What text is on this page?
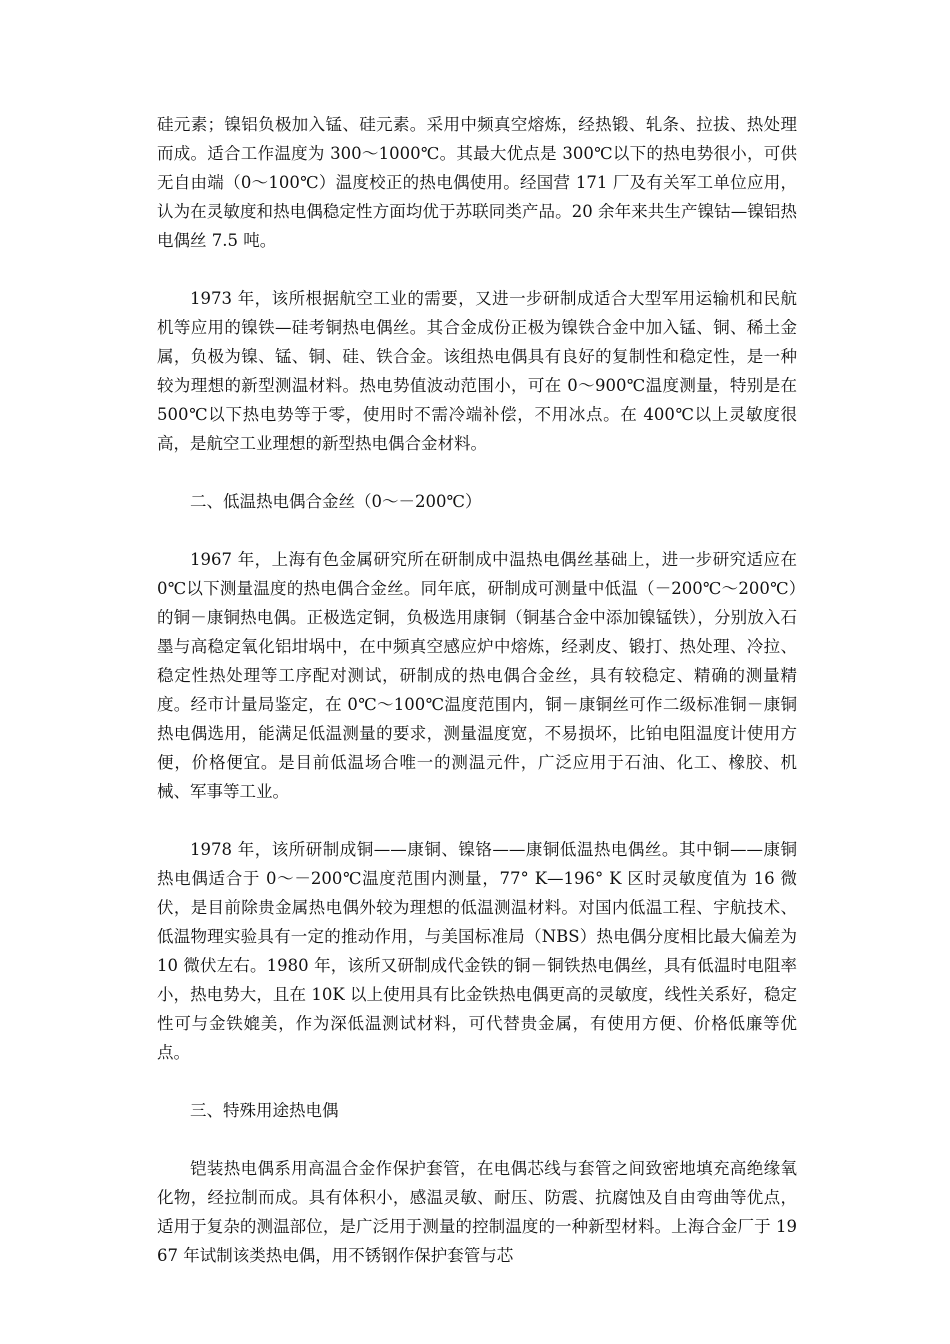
硅元素；镍铝负极加入锰、硅元素。采用中频真空熔炼，经热锻、轧条、拉拔、热处理而成。适合工作温度为 300～1000℃。其最大优点是 300℃以下的热电势很小，可供无自由端（0～100℃）温度校正的热电偶使用。经国营 171 厂及有关军工单位应用，认为在灵敏度和热电偶稳定性方面均优于苏联同类产品。20 余年来共生产镍钴—镍铝热电偶丝 7.5 吨。

1973 年，该所根据航空工业的需要，又进一步研制成适合大型军用运输机和民航机等应用的镍铁—硅考铜热电偶丝。其合金成份正极为镍铁合金中加入锰、铜、稀土金属，负极为镍、锰、铜、硅、铁合金。该组热电偶具有良好的复制性和稳定性，是一种较为理想的新型测温材料。热电势值波动范围小，可在 0～900℃温度测量，特别是在 500℃以下热电势等于零，使用时不需冷端补偿，不用冰点。在 400℃以上灵敏度很高，是航空工业理想的新型热电偶合金材料。

二、低温热电偶合金丝（0～－200℃）

1967 年，上海有色金属研究所在研制成中温热电偶丝基础上，进一步研究适应在 0℃以下测量温度的热电偶合金丝。同年底，研制成可测量中低温（－200℃～200℃）的铜－康铜热电偶。正极选定铜，负极选用康铜（铜基合金中添加镍锰铁），分别放入石墨与高稳定氧化铝坩埚中，在中频真空感应炉中熔炼，经剥皮、锻打、热处理、冷拉、稳定性热处理等工序配对测试，研制成的热电偶合金丝，具有较稳定、精确的测量精度。经市计量局鉴定，在 0℃～100℃温度范围内，铜－康铜丝可作二级标准铜－康铜热电偶选用，能满足低温测量的要求，测量温度宽，不易损坏，比铂电阻温度计使用方便，价格便宜。是目前低温场合唯一的测温元件，广泛应用于石油、化工、橡胶、机械、军事等工业。

1978 年，该所研制成铜——康铜、镍铬——康铜低温热电偶丝。其中铜——康铜热电偶适合于 0～－200℃温度范围内测量，77° K—196° K 区时灵敏度值为 16 微伏，是目前除贵金属热电偶外较为理想的低温测温材料。对国内低温工程、宇航技术、低温物理实验具有一定的推动作用，与美国标准局（NBS）热电偶分度相比最大偏差为 10 微伏左右。1980 年，该所又研制成代金铁的铜－铜铁热电偶丝，具有低温时电阻率小，热电势大，且在 10K 以上使用具有比金铁热电偶更高的灵敏度，线性关系好，稳定性可与金铁媲美，作为深低温测试材料，可代替贵金属，有使用方便、价格低廉等优点。

三、特殊用途热电偶

铠装热电偶系用高温合金作保护套管，在电偶芯线与套管之间致密地填充高绝缘氧化物，经拉制而成。具有体积小，感温灵敏、耐压、防震、抗腐蚀及自由弯曲等优点，适用于复杂的测温部位，是广泛用于测量的控制温度的一种新型材料。上海合金厂于 1967 年试制该类热电偶，用不锈钢作保护套管与芯
